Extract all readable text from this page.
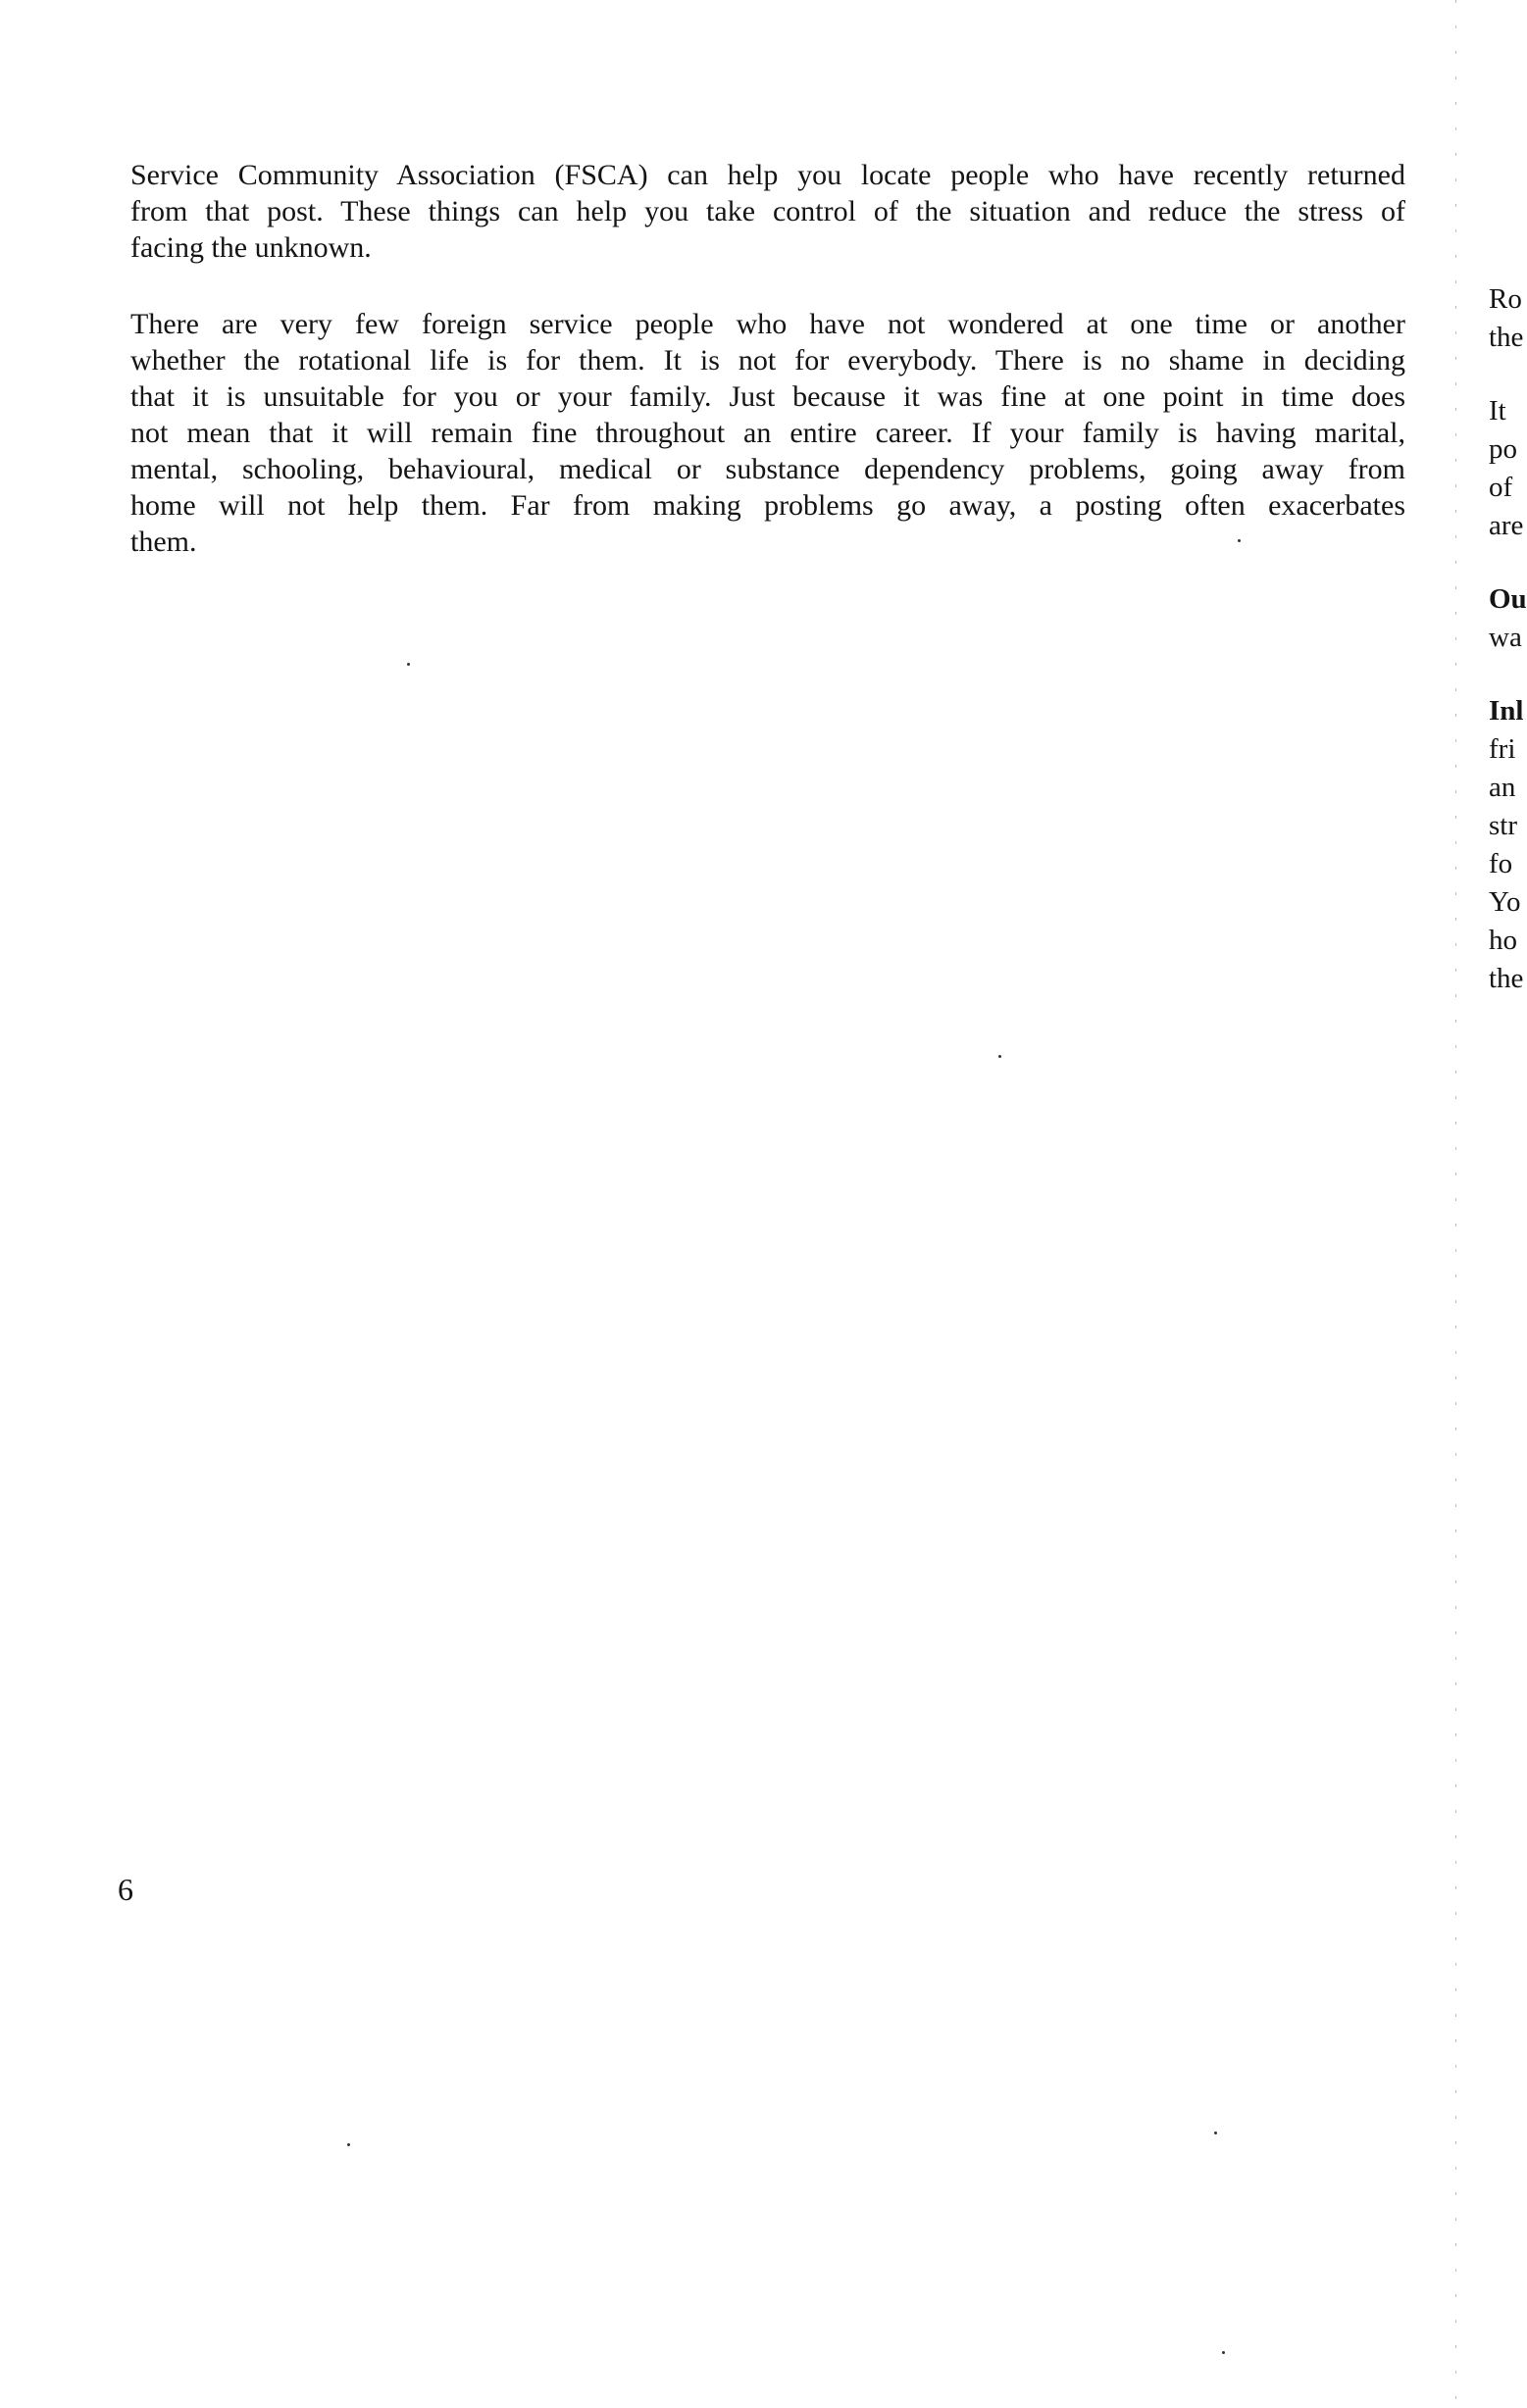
Service Community Association (FSCA) can help you locate people who have recently returned
from that post. These things can help you take control of the situation and reduce the stress of
facing the unknown.
There are very few foreign service people who have not wondered at one time or another
whether the rotational life is for them. It is not for everybody. There is no shame in deciding
that it is unsuitable for you or your family. Just because it was fine at one point in time does
not mean that it will remain fine throughout an entire career. If your family is having marital,
mental, schooling, behavioural, medical or substance dependency problems, going away from
home will not help them. Far from making problems go away, a posting often exacerbates
them.
6
Ro
the
It
po
of
are
Ou
wa
Inl
fri
an
str
fo
Yo
ho
the
